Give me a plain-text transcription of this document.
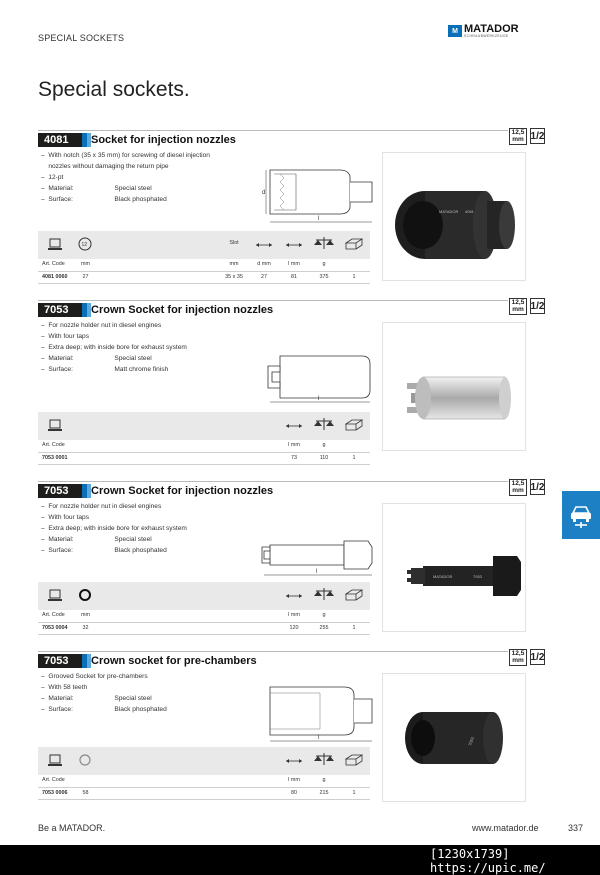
SPECIAL SOCKETS
M MATADOR
SCHRAUBWERKZEUGE
Special sockets.
4081	Socket for injection nozzles
12,5
mm 1/2
–  With notch (35 x 35 mm) for screwing of diesel injection
nozzles without damaging the return pipe
–  12-pt
–  Material:	Special steel
–  Surface:	Black phosphated
d
l
MATADOR 4081
12	Slot
Art. Code	mm	mm	d mm	l mm	g
4081 0060	27	35 x 35	27	81	375	1
7053	Crown Socket for injection nozzles
12,5
mm 1/2
–  For nozzle holder nut in diesel engines
–  With four taps
–  Extra deep; with inside bore for exhaust system
–  Material:	Special steel
–  Surface:	Matt chrome finish
l
Art. Code	l mm	g
7053 0001	73	110	1
7053	Crown Socket for injection nozzles
12,5
mm 1/2
–  For nozzle holder nut in diesel engines
–  With four taps
–  Extra deep; with inside bore for exhaust system
–  Material:	Special steel
–  Surface:	Black phosphated
l
MATADOR	7053
Art. Code	mm	l mm	g
7053 0004	32	120	255	1
7053	Crown socket for pre-chambers
12,5
mm 1/2
–  Grooved Socket for pre-chambers
–  With 58 teeth
–  Material:	Special steel
–  Surface:	Black phosphated
l	7053
Art. Code	l mm	g
7053 0006	58	80	215	1
Be a MATADOR.	www.matador.de	337
[1230x1739] https://upic.me/
